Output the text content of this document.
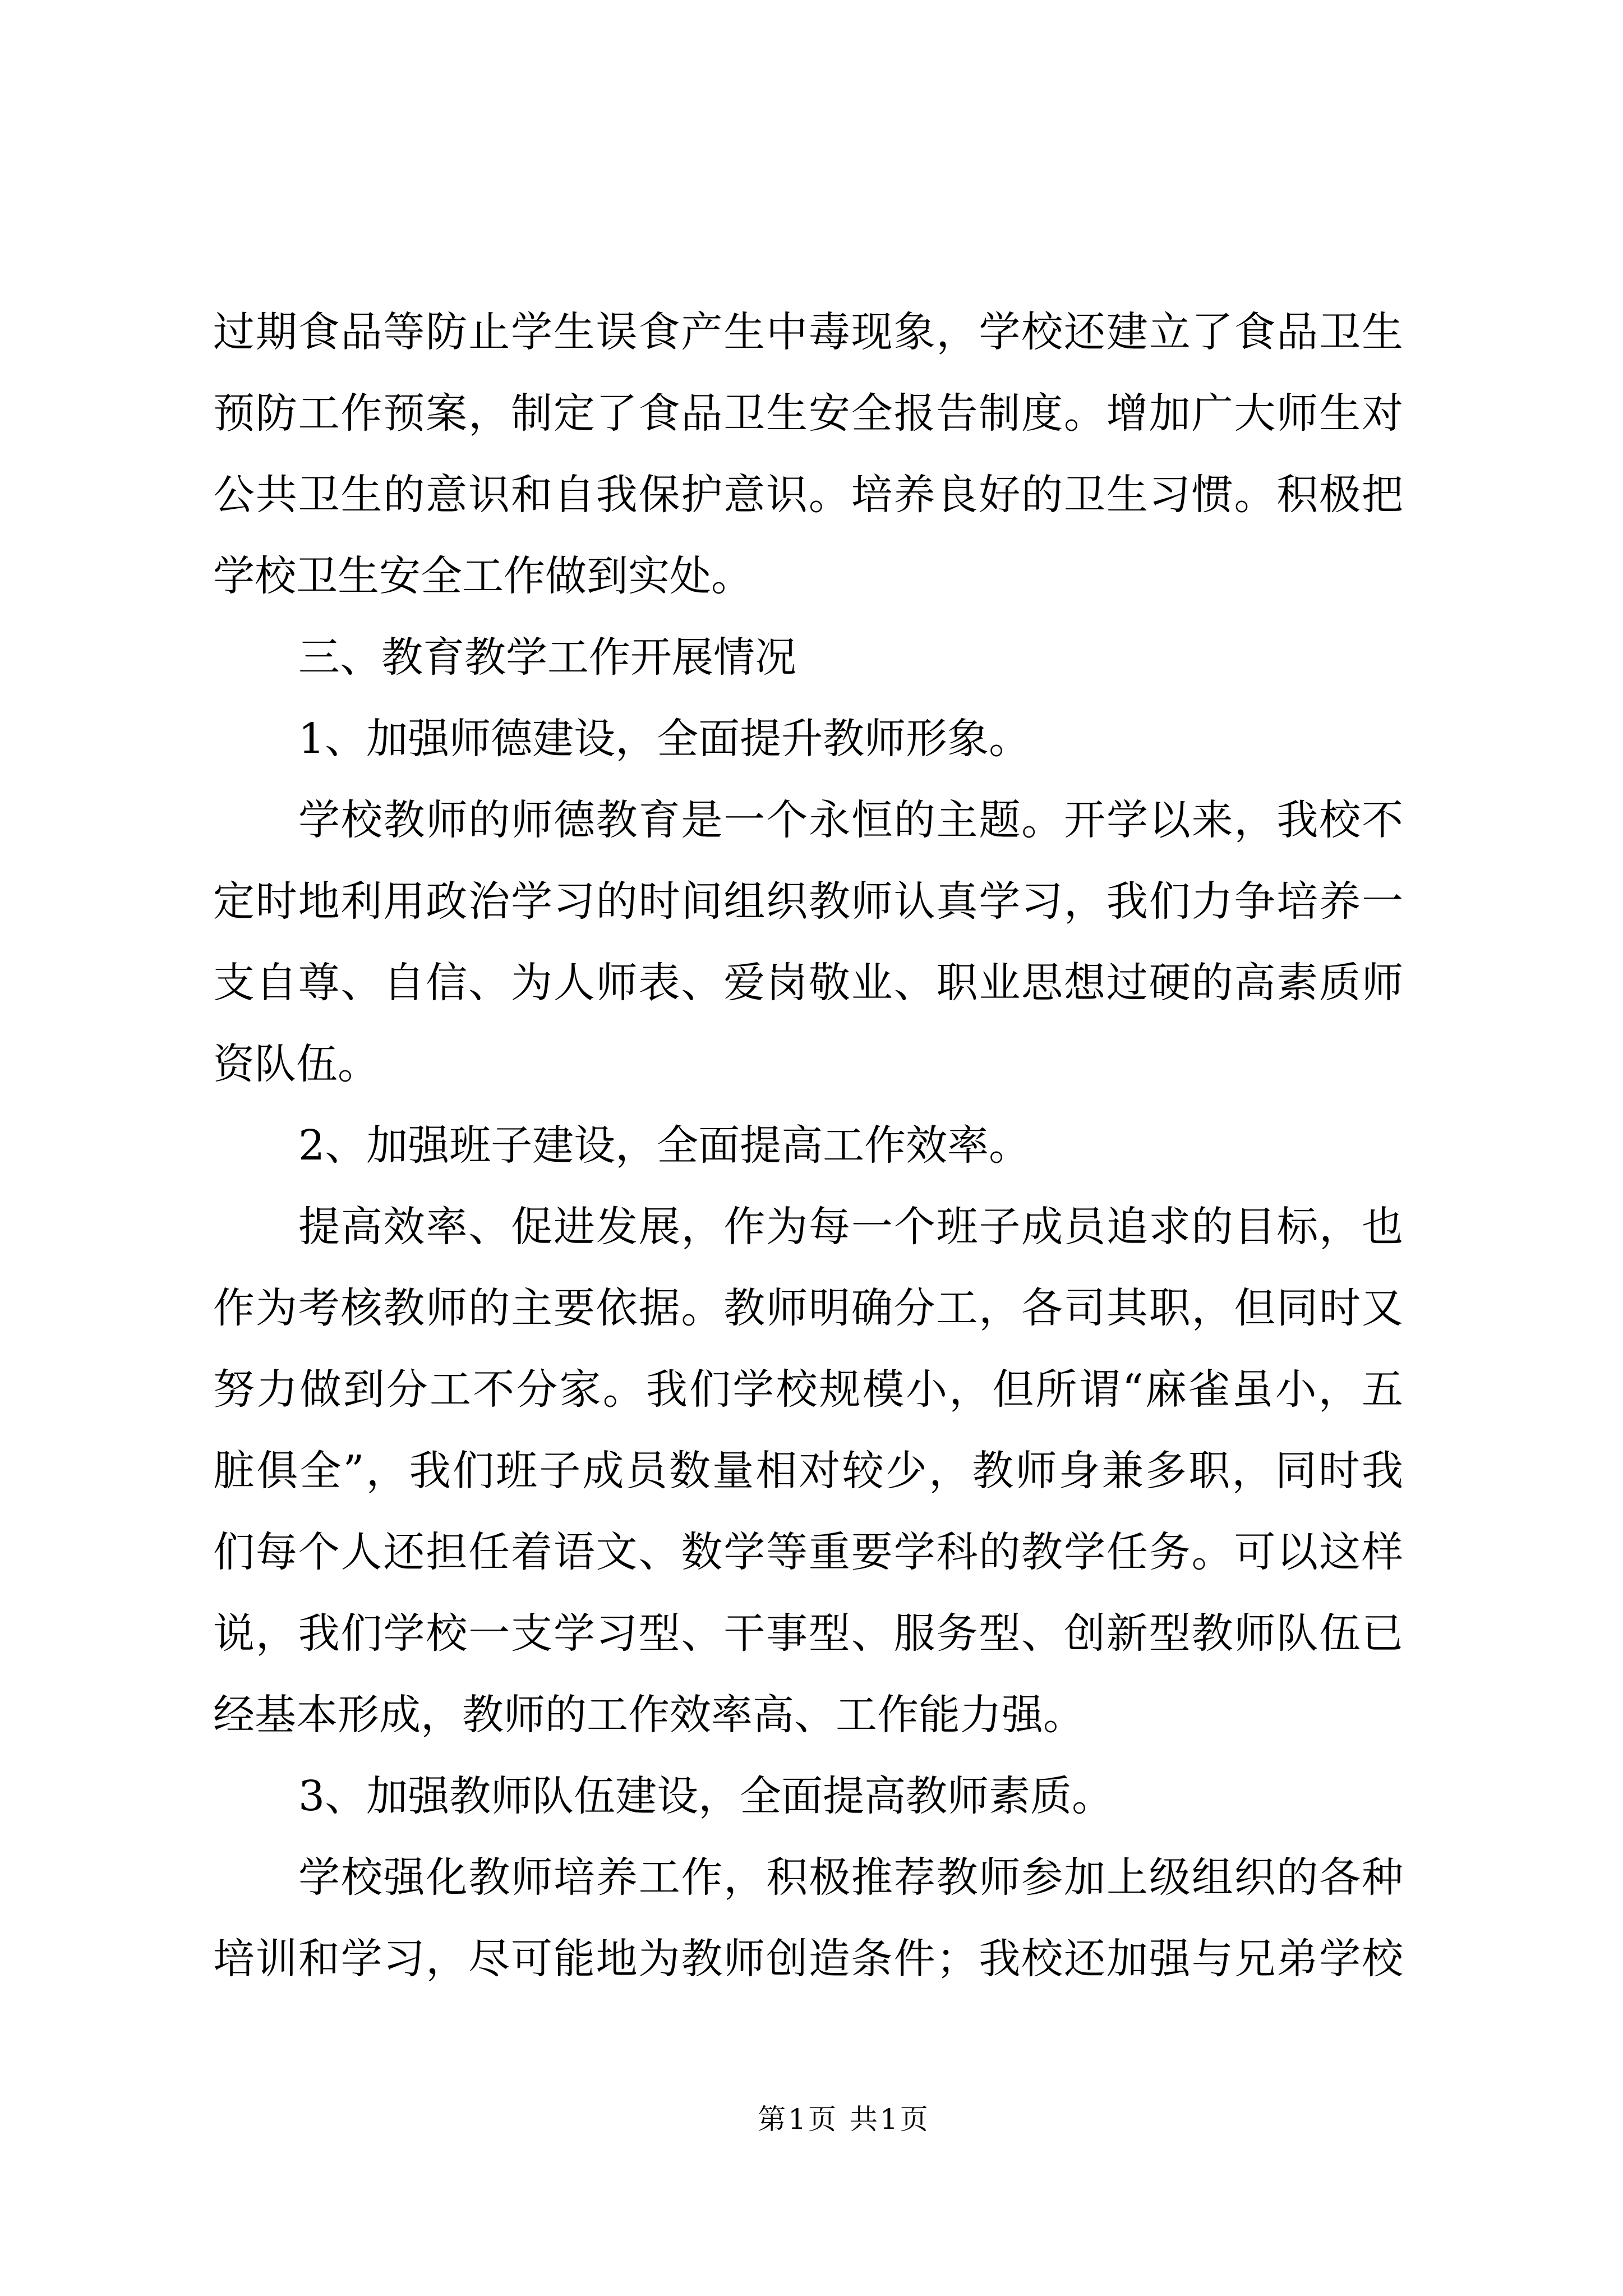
过期食品等防止学生误食产生中毒现象，学校还建立了食品卫生
预防工作预案，制定了食品卫生安全报告制度。增加广大师生对
公共卫生的意识和自我保护意识。培养良好的卫生习惯。积极把
学校卫生安全工作做到实处。
三、教育教学工作开展情况
1、加强师德建设，全面提升教师形象。
学校教师的师德教育是一个永恒的主题。开学以来，我校不
定时地利用政治学习的时间组织教师认真学习，我们力争培养一
支自尊、自信、为人师表、爱岗敬业、职业思想过硬的高素质师
资队伍。
2、加强班子建设，全面提高工作效率。
提高效率、促进发展，作为每一个班子成员追求的目标，也
作为考核教师的主要依据。教师明确分工，各司其职，但同时又
努力做到分工不分家。我们学校规模小，但所谓“麻雀虽小，五
脏俱全”，我们班子成员数量相对较少，教师身兼多职，同时我
们每个人还担任着语文、数学等重要学科的教学任务。可以这样
说，我们学校一支学习型、干事型、服务型、创新型教师队伍已
经基本形成，教师的工作效率高、工作能力强。
3、加强教师队伍建设，全面提高教师素质。
学校强化教师培养工作，积极推荐教师参加上级组织的各种
培训和学习，尽可能地为教师创造条件；我校还加强与兄弟学校
第1页 共1页
